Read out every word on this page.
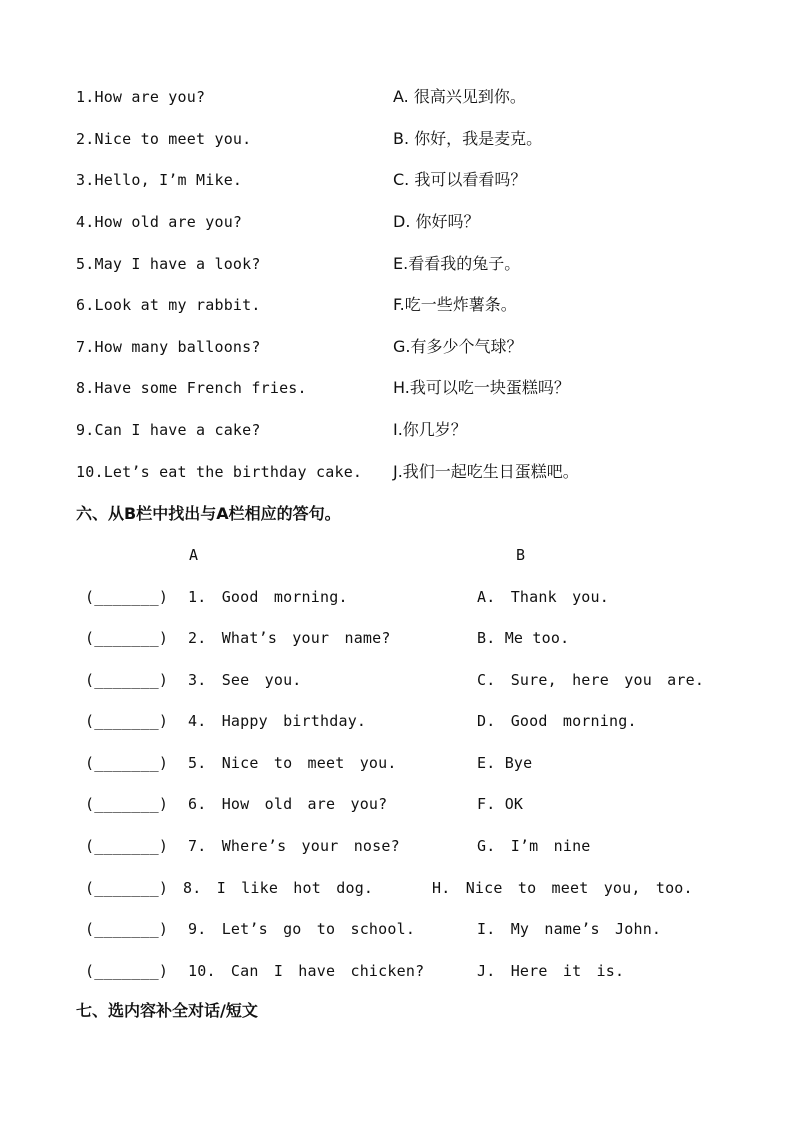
1.How are you?
2.Nice to meet you.
3.Hello, I’m Mike.
4.How old are you?
5.May I have a look?
6.Look at my rabbit.
7.How many balloons?
8.Have some French fries.
9.Can I have a cake?
10.Let’s eat the birthday cake.
A. 很高兴见到你。
B. 你好，我是麦克。
C. 我可以看看吗？
D. 你好吗？
E.看看我的兔子。
F.吃一些炸薯条。
G.有多少个气球？
H.我可以吃一块蛋糕吗？
I.你几岁？
J.我们一起吃生日蛋糕吧。
六、从B栏中找出与A栏相应的答句。
A	B
(_______)
(_______)
(_______)
(_______)
(_______)
(_______)
(_______)
(_______)
(_______)
(_______)
1. Good morning.
2. What’s your name?
3. See you.
4. Happy birthday.
5. Nice to meet you.
6. How old are you?
7. Where’s your nose?
8. I like hot dog.
9. Let’s go to school.
10. Can I have chicken?
A. Thank you.
B. Me too.
C. Sure, here you are.
D. Good morning.
E. Bye
F. OK
G. I’m nine
H. Nice to meet you, too.
I. My name’s John.
J. Here it is.
七、选内容补全对话/短文
